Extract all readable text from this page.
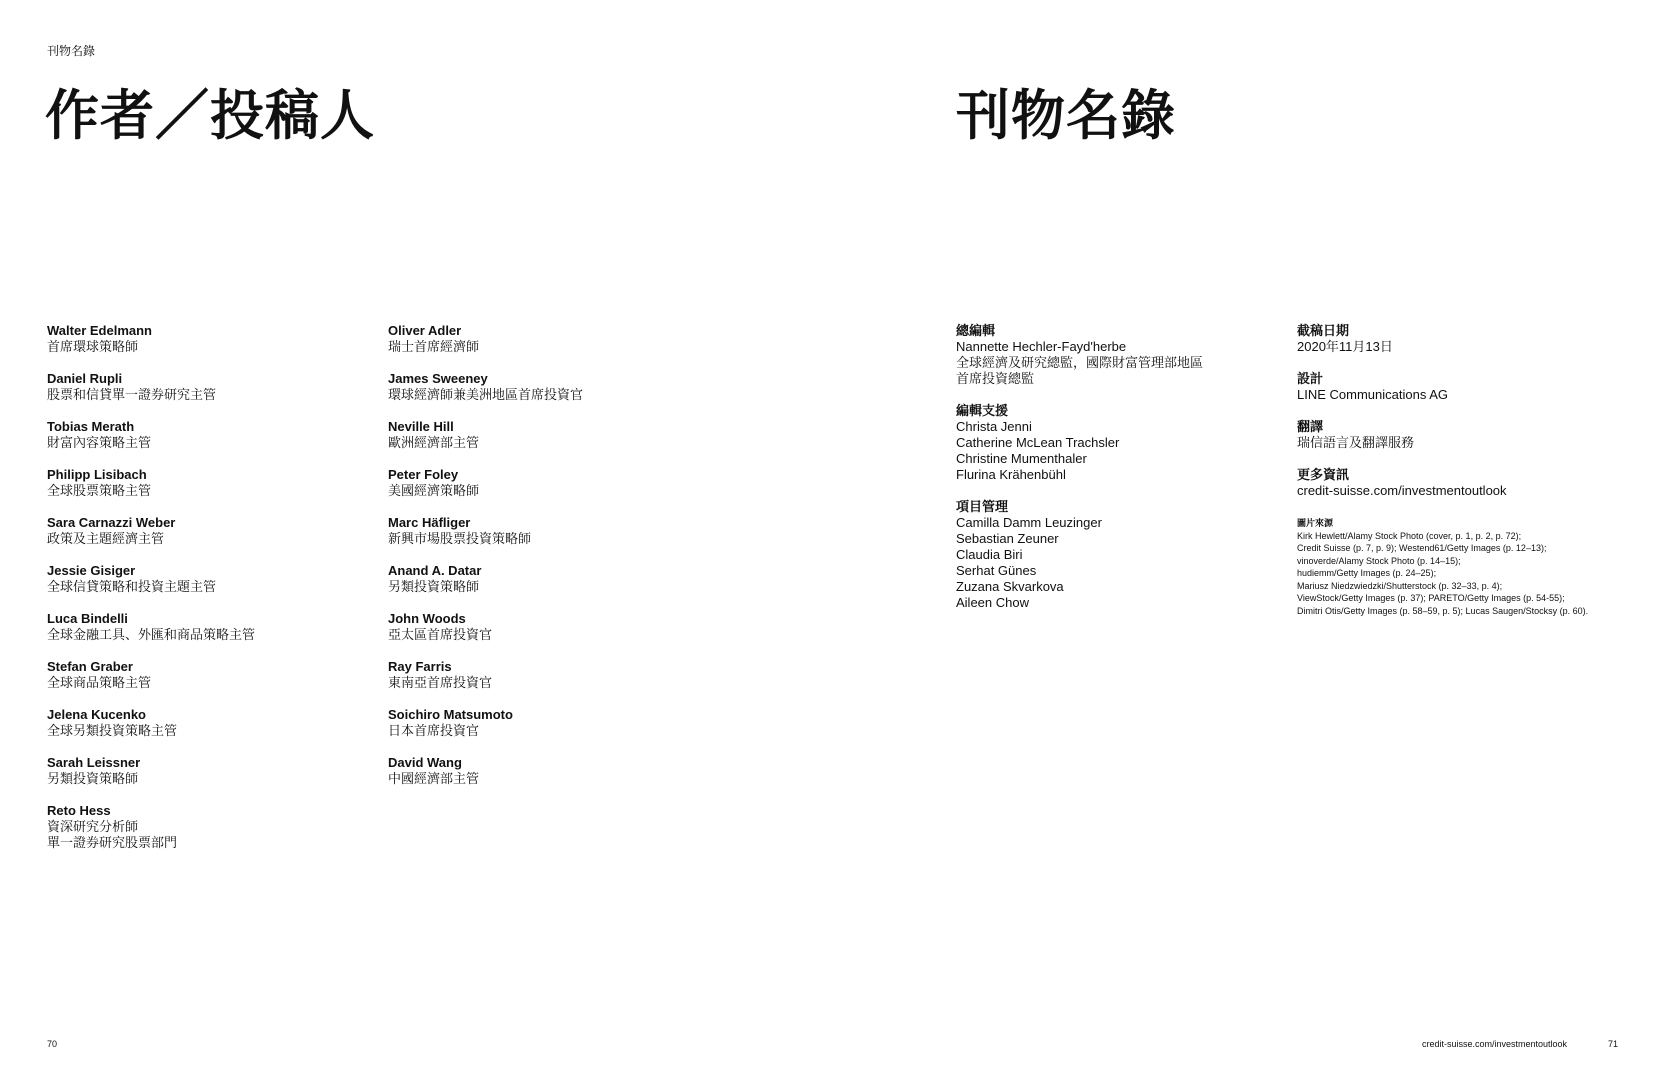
刊物名錄
作者／投稿人	刊物名錄
Walter Edelmann
首席環球策略師
Daniel Rupli
股票和信貸單一證券研究主管
Tobias Merath
財富內容策略主管
Philipp Lisibach
全球股票策略主管
Sara Carnazzi Weber
政策及主題經濟主管
Jessie Gisiger
全球信貸策略和投資主題主管
Luca Bindelli
全球金融工具、外匯和商品策略主管
Stefan Graber
全球商品策略主管
Jelena Kucenko
全球另類投資策略主管
Sarah Leissner
另類投資策略師
Reto Hess
資深研究分析師
單一證券研究股票部門
Oliver Adler
瑞士首席經濟師
James Sweeney
環球經濟師兼美洲地區首席投資官
Neville Hill
歐洲經濟部主管
Peter Foley
美國經濟策略師
Marc Häfliger
新興市場股票投資策略師
Anand A. Datar
另類投資策略師
John Woods
亞太區首席投資官
Ray Farris
東南亞首席投資官
Soichiro Matsumoto
日本首席投資官
David Wang
中國經濟部主管
總編輯
Nannette Hechler-Fayd'herbe
全球經濟及研究總監，國際財富管理部地區
首席投資總監
編輯支援
Christa Jenni
Catherine McLean Trachsler
Christine Mumenthaler
Flurina Krähenbühl
項目管理
Camilla Damm Leuzinger
Sebastian Zeuner
Claudia Biri
Serhat Günes
Zuzana Skvarkova
Aileen Chow
截稿日期
2020年11月13日
設計
LINE Communications AG
翻譯
瑞信語言及翻譯服務
更多資訊
credit-suisse.com/investmentoutlook
圖片來源
Kirk Hewlett/Alamy Stock Photo (cover, p. 1, p. 2, p. 72);
Credit Suisse (p. 7, p. 9); Westend61/Getty Images (p. 12–13);
vinoverde/Alamy Stock Photo (p. 14–15);
hudiemm/Getty Images (p. 24–25);
Mariusz Niedzwiedzki/Shutterstock (p. 32–33, p. 4);
ViewStock/Getty Images (p. 37); PARETO/Getty Images (p. 54-55);
Dimitri Otis/Getty Images (p. 58–59, p. 5); Lucas Saugen/Stocksy (p. 60).
70	credit-suisse.com/investmentoutlook	71
